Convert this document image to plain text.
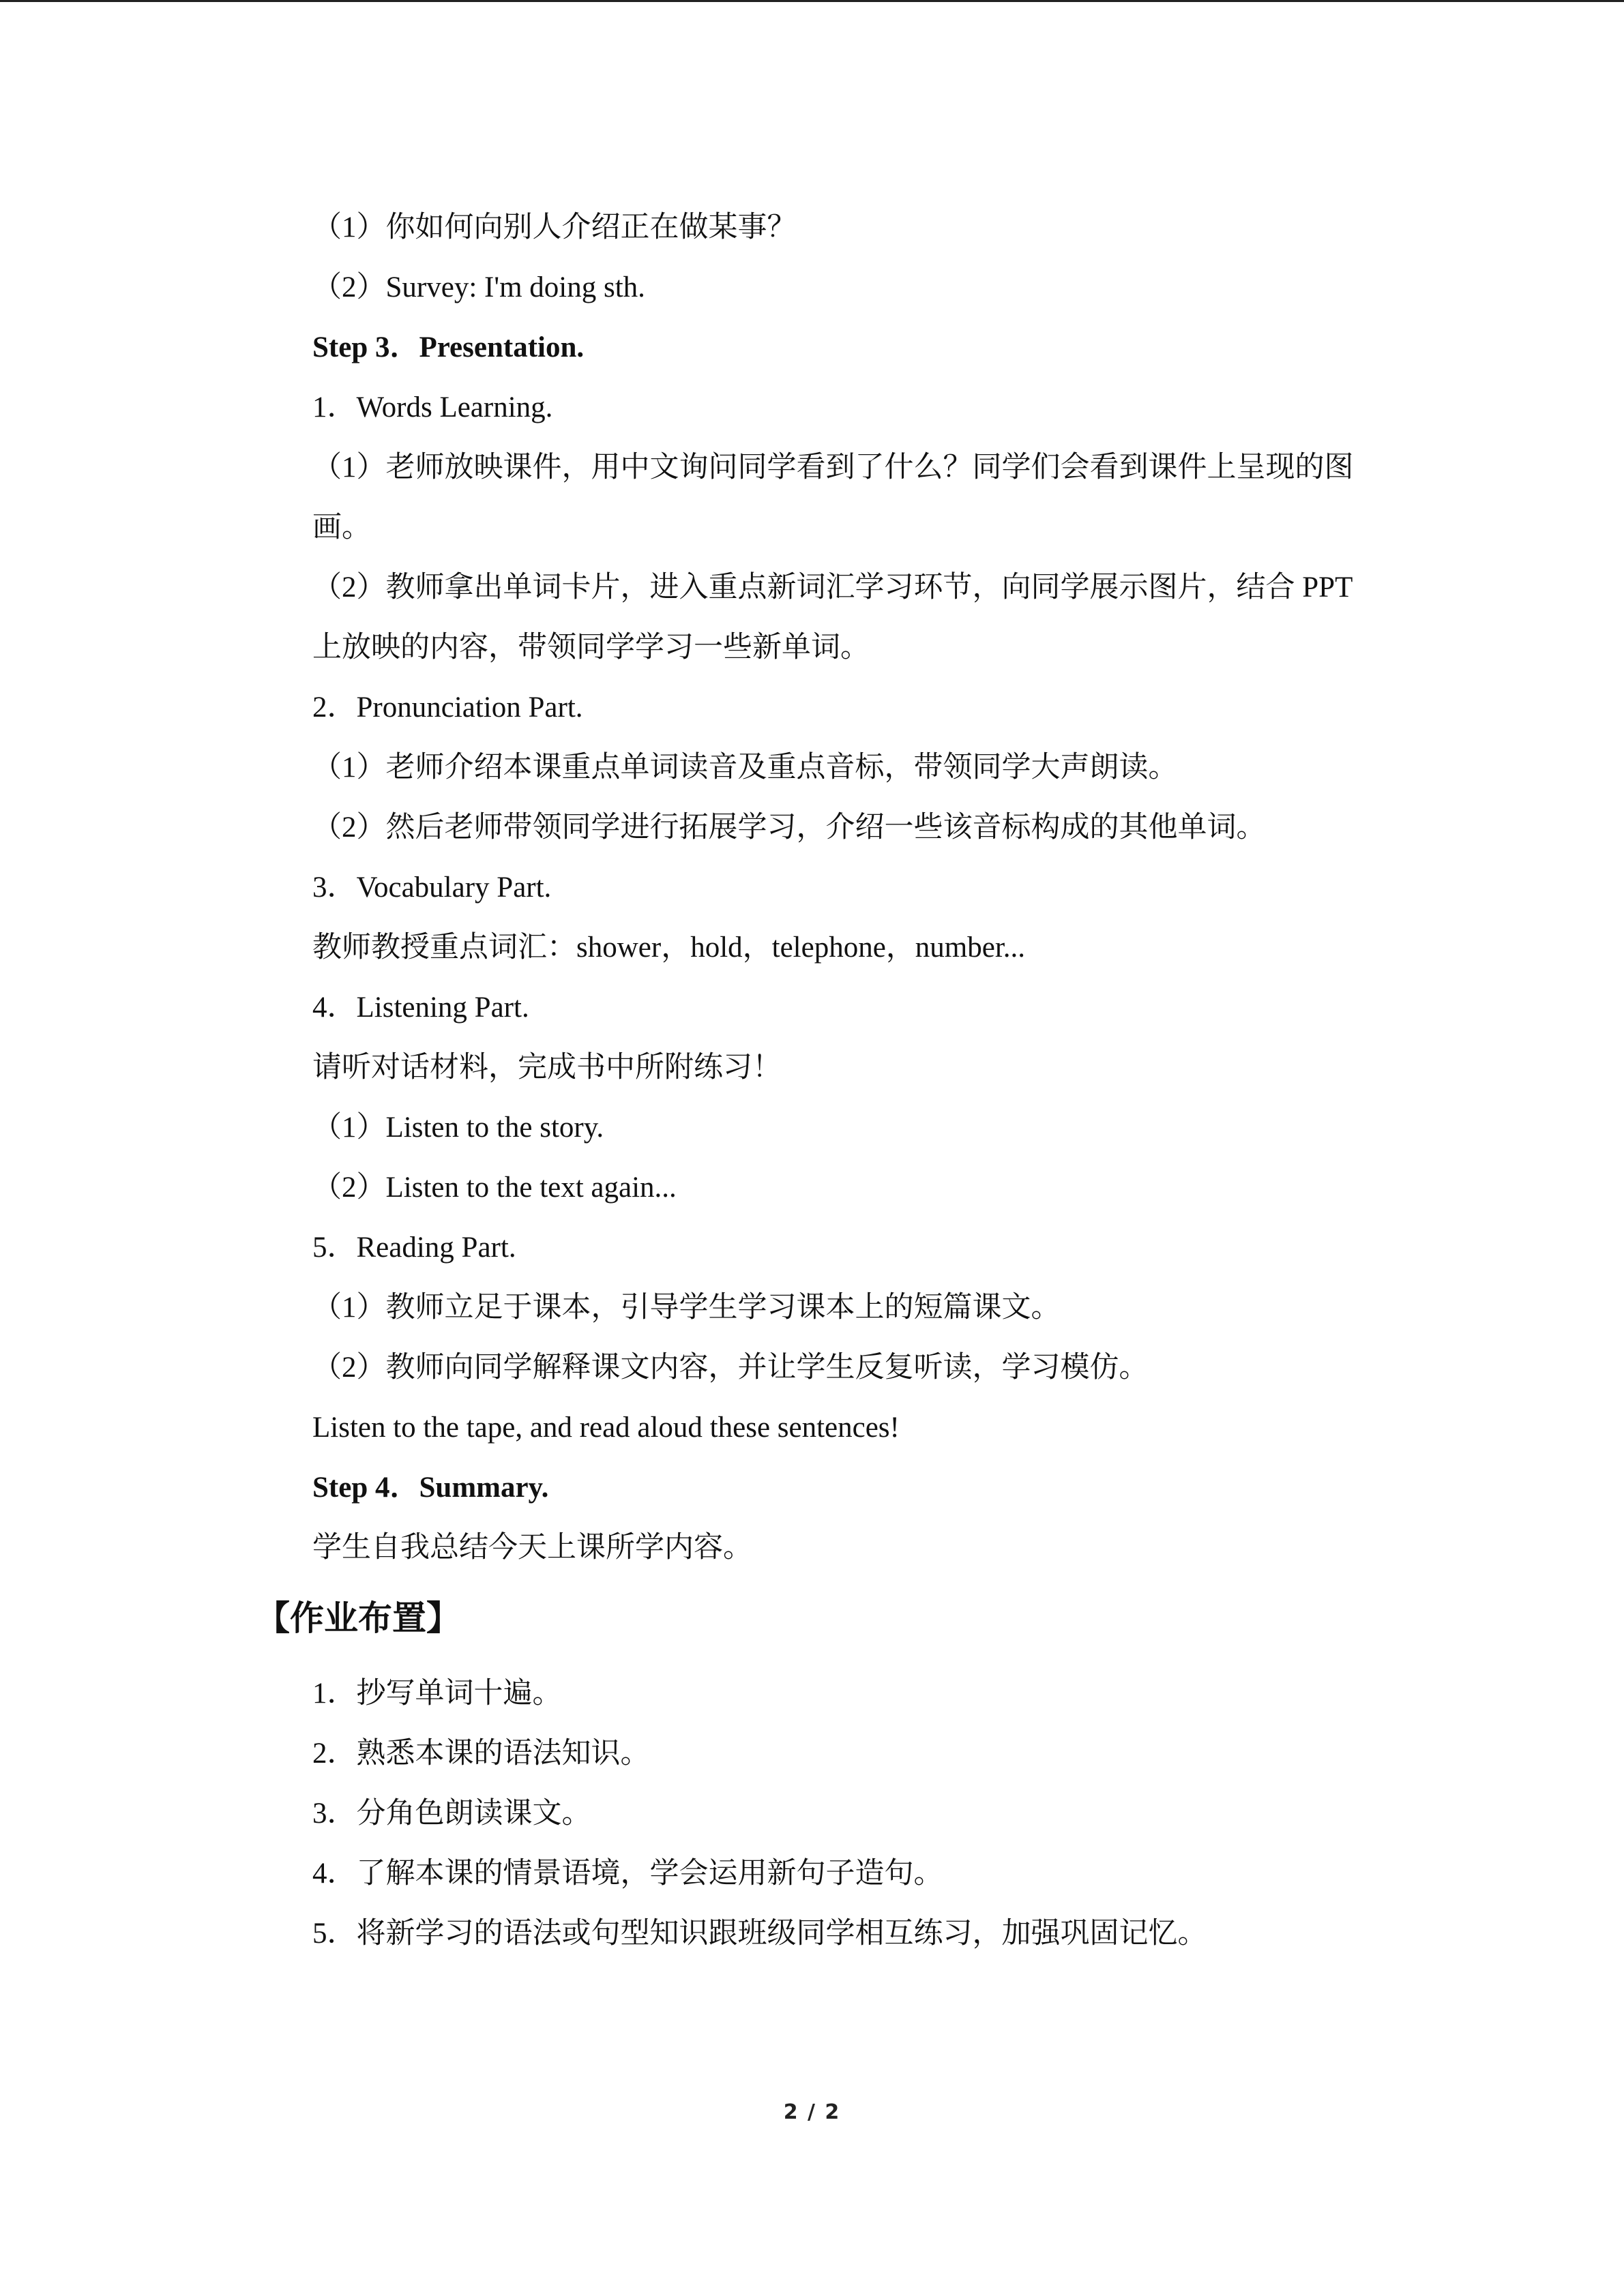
（1）你如何向别人介绍正在做某事？
（2）Survey: I'm doing sth.
Step 3．Presentation.
1．Words Learning.
（1）老师放映课件，用中文询问同学看到了什么？同学们会看到课件上呈现的图画。
（2）教师拿出单词卡片，进入重点新词汇学习环节，向同学展示图片，结合 PPT 上放映的内容，带领同学学习一些新单词。
2．Pronunciation Part.
（1）老师介绍本课重点单词读音及重点音标，带领同学大声朗读。
（2）然后老师带领同学进行拓展学习，介绍一些该音标构成的其他单词。
3．Vocabulary Part.
教师教授重点词汇：shower，hold，telephone，number...
4．Listening Part.
请听对话材料，完成书中所附练习！
（1）Listen to the story.
（2）Listen to the text again...
5．Reading Part.
（1）教师立足于课本，引导学生学习课本上的短篇课文。
（2）教师向同学解释课文内容，并让学生反复听读，学习模仿。
Listen to the tape, and read aloud these sentences!
Step 4．Summary.
学生自我总结今天上课所学内容。
【作业布置】
1．抄写单词十遍。
2．熟悉本课的语法知识。
3．分角色朗读课文。
4．了解本课的情景语境，学会运用新句子造句。
5．将新学习的语法或句型知识跟班级同学相互练习，加强巩固记忆。
2 / 2
